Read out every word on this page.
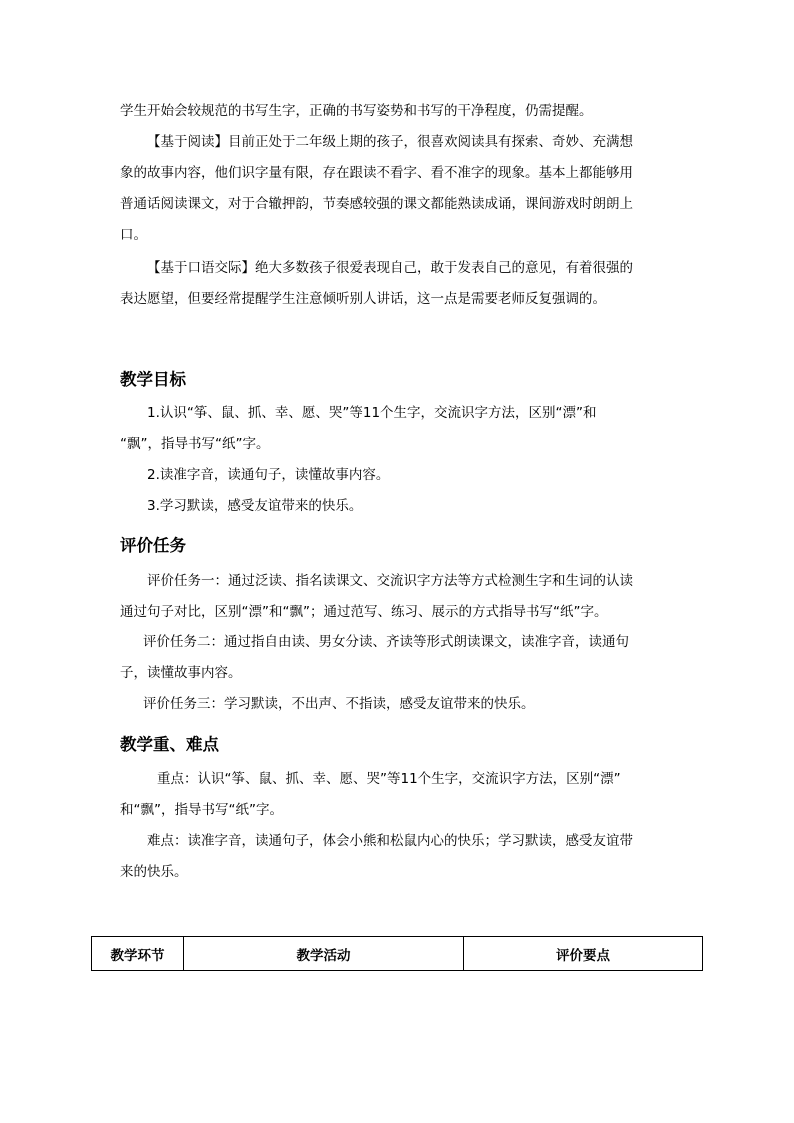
学生开始会较规范的书写生字，正确的书写姿势和书写的干净程度，仍需提醒。
【基于阅读】目前正处于二年级上期的孩子，很喜欢阅读具有探索、奇妙、充满想
象的故事内容，他们识字量有限，存在跟读不看字、看不准字的现象。基本上都能够用
普通话阅读课文，对于合辙押韵，节奏感较强的课文都能熟读成诵，课间游戏时朗朗上
口。
【基于口语交际】绝大多数孩子很爱表现自己，敢于发表自己的意见，有着很强的
表达愿望，但要经常提醒学生注意倾听别人讲话，这一点是需要老师反复强调的。
教学目标
1.认识“筝、鼠、抓、幸、愿、哭”等11个生字，交流识字方法，区别“漂”和
“飘”，指导书写“纸”字。
2.读准字音，读通句子，读懂故事内容。
3.学习默读，感受友谊带来的快乐。
评价任务
评价任务一：通过泛读、指名读课文、交流识字方法等方式检测生字和生词的认读
通过句子对比，区别“漂”和“飘”；通过范写、练习、展示的方式指导书写“纸”字。
评价任务二：通过指自由读、男女分读、齐读等形式朗读课文，读准字音，读通句
子，读懂故事内容。
评价任务三：学习默读，不出声、不指读，感受友谊带来的快乐。
教学重、难点
重点：认识“筝、鼠、抓、幸、愿、哭”等11个生字，交流识字方法，区别“漂”
和“飘”，指导书写“纸”字。
难点：读准字音，读通句子，体会小熊和松鼠内心的快乐；学习默读，感受友谊带
来的快乐。
教学环节	教学活动	评价要点
